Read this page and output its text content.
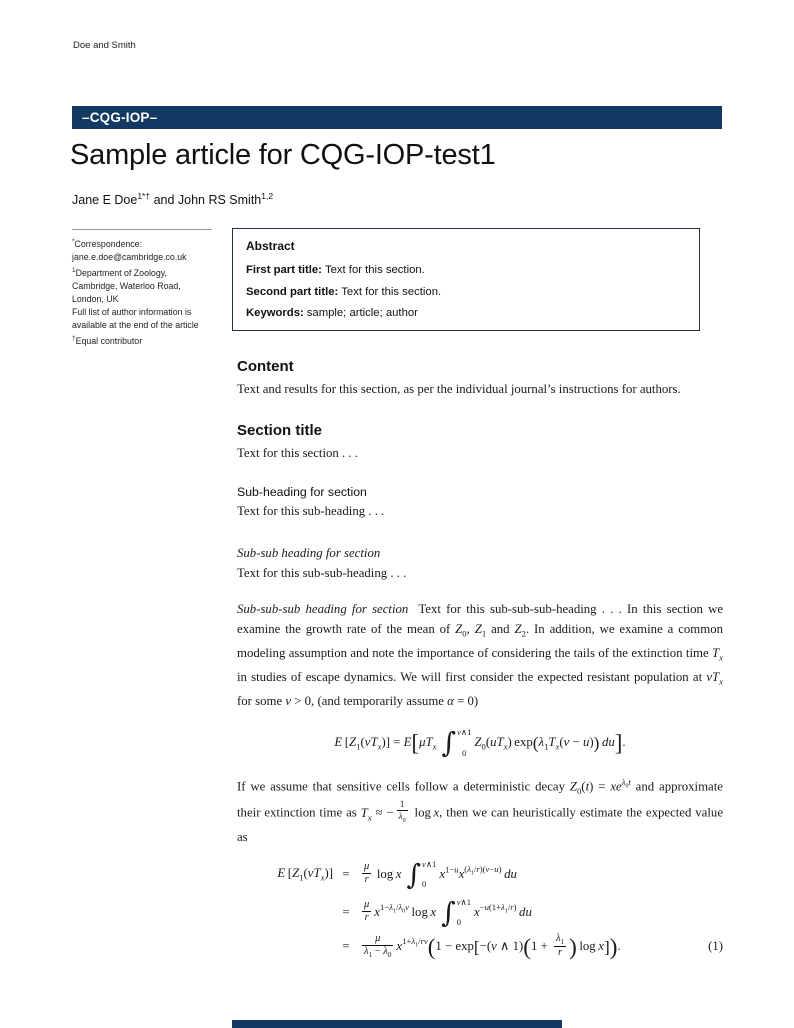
Doe and Smith
–CQG-IOP–
Sample article for CQG-IOP-test1
Jane E Doe$^{1*\dagger}$ and John RS Smith$^{1,2}$
*Correspondence:
jane.e.doe@cambridge.co.uk
$^1$Department of Zoology,
Cambridge, Waterloo Road,
London, UK
Full list of author information is
available at the end of the article
†Equal contributor
Abstract
First part title: Text for this section.
Second part title: Text for this section.
Keywords: sample; article; author
Content

Text and results for this section, as per the individual journal’s instructions for authors.

Section title

Text for this section . . .

Sub-heading for section

Text for this sub-heading . . .

Sub-sub heading for section

Text for this sub-sub-heading . . .

Sub-sub-sub heading for section Text for this sub-sub-sub-heading . . . In this section we examine the growth rate of the mean of $Z_0$, $Z_1$ and $Z_2$. In addition, we examine a common modeling assumption and note the importance of considering the tails of the extinction time $T_x$ in studies of escape dynamics. We will first consider the expected resistant population at $vT_x$ for some v > 0, (and temporarily assume α = 0)

E $[Z_1(vT_x)] = E[\mu T_x$ ∫ v∧1
0
$Z_0(uT_x) \exp(\lambda_1T_x(v - u))$  du].

If we assume that sensitive cells follow a deterministic decay $Z_0(t) = xe^{\lambda_0t}$ and approximate their extinction time as $T_x$ ≈ − $\frac{1}{\lambda_0}$ log x, then we can heuristically estimate the expected value as

E $[Z_1(vT_x)]$ =	$\frac{\mu}{r}$  log x ∫ v∧1
0
$x^{1-u}x^{(\lambda_1/r)(v-u)}$  du
=	$\frac{\mu}{r} x^{1-\lambda_1/\lambda_0v}$ log x ∫ v∧1
0
$x^{-u(1+\lambda_1/r)}$  du
=	$\frac{\mu}{\lambda_1 - \lambda_0} x^{1+\lambda_1/rv}(1 - \exp[-(v$ ∧ $1)(1 + \frac{\lambda_1}{r}$ ) log x]).	(1)
